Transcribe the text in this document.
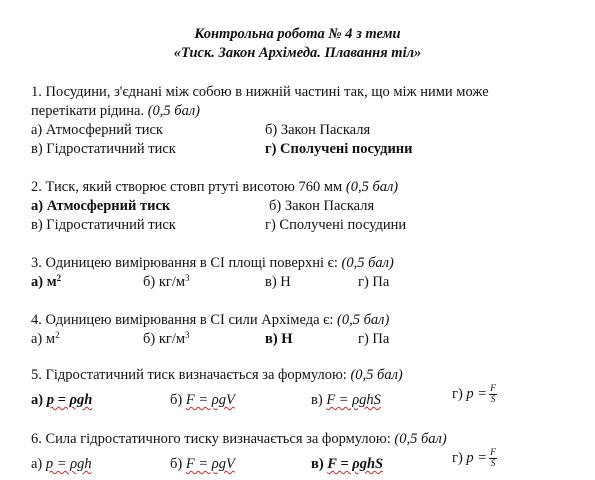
Контрольна робота № 4 з теми
«Тиск. Закон Архімеда. Плавання тіл»
1. Посудини, з'єднані між собою в нижній частині так, що між ними може
перетікати рідина. (0,5 бал)
а) Атмосферний тиск	б) Закон Паскаля
в) Гідростатичний тиск	г) Сполучені посудини
2. Тиск, який створює стовп ртуті висотою 760 мм (0,5 бал)
а) Атмосферний тиск	б) Закон Паскаля
в) Гідростатичний тиск	г) Сполучені посудини
3. Одиницею вимірювання в СІ площі поверхні є: (0,5 бал)
а) $м^2$	б) $кг/м^3$	в) Н	г) Па
4. Одиницею вимірювання в СІ сили Архімеда є: (0,5 бал)
а) $м^2$	б) $кг/м^3$	в) Н	г) Па
5. Гідростатичний тиск визначається за формулою: (0,5 бал)
а) p = ρgh	б) F = ρgV	в) F = ρghS	г) $p = \frac{F}{S}$
6. Сила гідростатичного тиску визначається за формулою: (0,5 бал)
а) p = ρgh	б) F = ρgV	в) F = ρghS	г) $p = \frac{F}{S}$
